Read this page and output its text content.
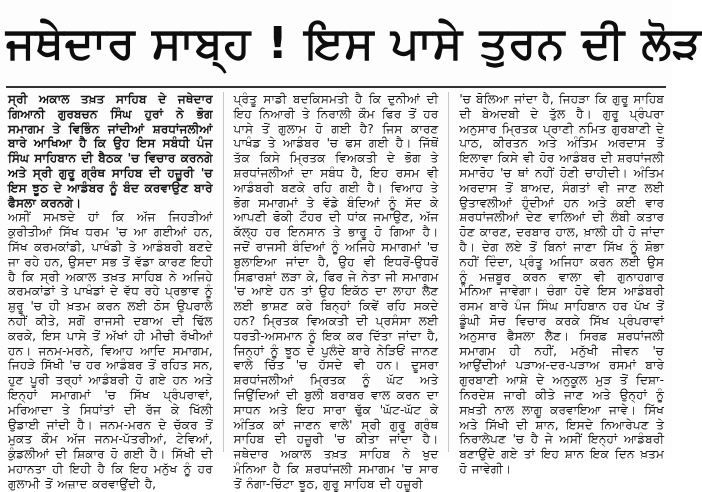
ਜਥੇਦਾਰ ਸਾਬ੍ਹ ! ਇਸ ਪਾਸੇ ਤੁਰਨ ਦੀ ਲੋੜ

ਸ੍ਰੀ ਅਕਾਲ ਤਖ਼ਤ ਸਾਹਿਬ ਦੇ ਜਥੇਦਾਰ ਗਿਆਨੀ ਗੁਰਬਚਨ ਸਿੰਘ ਹੁਰਾਂ ਨੇ ਭੋਗ ਸਮਾਗਮ ਤੇ ਵਿਭਿੰਨ ਜਾਂਦੀਆਂ ਸ਼ਰਧਾਂਜਲੀਆਂ ਬਾਰੇ ਆਖਿਆ ਹੈ ਕਿ ਉਹ ਇਸ ਸਬੰਧੀ ਪੰਜ ਸਿੰਘ ਸਾਹਿਬਾਨ ਦੀ ਬੈਠਕ 'ਚ ਵਿਚਾਰ ਕਰਨਗੇ ਅਤੇ ਸ੍ਰੀ ਗੁਰੂ ਗ੍ਰੰਥ ਸਾਹਿਬ ਦੀ ਹਜ਼ੂਰੀ 'ਚ ਇਸ ਝੂਠ ਦੇ ਆਡੰਬਰ ਨੂੰ ਬੰਦ ਕਰਵਾਉਣ ਬਾਰੇ ਫੈਸਲਾ ਕਰਨਗੇ।

ਅਸੀਂ ਸਮਝਦੇ ਹਾਂ ਕਿ ਅੱਜ ਜਿਹੜੀਆਂ ਕੁਰੀਤੀਆਂ ਸਿੱਖ ਧਰਮ 'ਚ ਆ ਗਈਆਂ ਹਨ, ਸਿੱਖ ਕਰਮਕਾਂਡੀ, ਪਾਖੰਡੀ ਤੇ ਆਡੰਬਰੀ ਬਣਦੇ ਜਾ ਰਹੇ ਹਨ, ਉਸਦਾ ਸਭ ਤੋਂ ਵੱਡਾ ਕਾਰਣ ਇਹੀ ਹੈ ਕਿ ਸ੍ਰੀ ਅਕਾਲ ਤਖ਼ਤ ਸਾਹਿਬ ਨੇ ਅਜਿਹੇ ਕਰਮਕਾਂਡਾਂ ਤੇ ਪਾਖੰਡਾਂ ਦੇ ਵੱਧ ਰਹੇ ਪ੍ਰਭਾਵ ਨੂੰ ਸ਼ੁਰੂ 'ਚ ਹੀ ਖ਼ਤਮ ਕਰਨ ਲਈ ਠੋਸ ਉਪਰਾਲੇ ਨਹੀਂ ਕੀਤੇ, ਸਗੋਂ ਰਾਜਸੀ ਦਬਾਅ ਦੀ ਢਿੱਲ ਕਰਕੇ, ਇਸ ਪਾਸੇ ਤੋਂ ਅੱਖਾਂ ਹੀ ਮੀਚੀ ਰੱਖੀਆਂ ਹਨ। ਜਨਮ-ਮਰਨੇ, ਵਿਆਹ ਆਦਿ ਸਮਾਗਮ, ਜਿਹੜੇ ਸਿੱਖੀ 'ਚ ਹਰ ਆਡੰਬਰ ਤੋਂ ਰਹਿਤ ਸਨ, ਹੁਣ ਪੂਰੀ ਤਰ੍ਹਾਂ ਆਡੰਬਰੀ ਹੋ ਗਏ ਹਨ ਅਤੇ ਇਨ੍ਹਾਂ ਸਮਾਗਮਾਂ 'ਚ ਸਿੱਖ ਪ੍ਰੰਪਰਾਵਾਂ, ਮਰਿਆਦਾ ਤੇ ਸਿਧਾਂਤਾਂ ਦੀ ਰੱਜ ਕੇ ਖਿੱਲੀ ਉਡਾਈ ਜਾਂਦੀ ਹੈ। ਜਨਮ-ਮਰਨ ਦੇ ਚੱਕਰ ਤੋਂ ਮੁਕਤ ਕੌਮ ਅੱਜ ਜਨਮ-ਪੱਤਰੀਆਂ, ਟੇਵਿਆਂ, ਕੁੰਡਲੀਆਂ ਦੀ ਸ਼ਿਕਾਰ ਹੋ ਗਈ ਹੈ। ਸਿੱਖੀ ਦੀ ਮਹਾਨਤਾ ਹੀ ਇਹੀ ਹੈ ਕਿ ਇਹ ਮਨੁੱਖ ਨੂੰ ਹਰ ਗੁਲਾਮੀ ਤੋਂ ਅਜ਼ਾਦ ਕਰਵਾਉਂਦੀ ਹੈ,

ਪ੍ਰੰਤੂ ਸਾਡੀ ਬਦਕਿਸਮਤੀ ਹੈ ਕਿ ਦੁਨੀਆਂ ਦੀ ਇਹ ਨਿਆਰੀ ਤੇ ਨਿਰਾਲੀ ਕੌਮ ਫਿਰ ਤੋਂ ਹਰ ਪਾਸੇ ਤੋਂ ਗੁਲਾਮ ਹੋ ਗਈ ਹੈ? ਜਿਸ ਕਾਰਣ ਪਾਖੰਡ ਤੇ ਆਡੰਬਰ 'ਚ ਫਸ ਗਈ ਹੈ। ਜਿੱਥੋਂ ਤੱਕ ਕਿਸੇ ਮ੍ਰਿਤਕ ਵਿਅਕਤੀ ਦੇ ਭੋਗ ਤੇ ਸ਼ਰਧਾਂਜਲੀਆਂ ਦਾ ਸਬੰਧ ਹੈ, ਇਹ ਰਸਮ ਵੀ ਆਡੰਬਰੀ ਬਣਕੇ ਰਹਿ ਗਈ ਹੈ। ਵਿਆਹ ਤੇ ਭੋਗ ਸਮਾਗਮਾਂ ਤੇ ਵੱਡੇ ਬੰਦਿਆਂ ਨੂੰ ਸੱਦ ਕੇ ਆਪਣੀ ਫੋਕੀ ਟੌਹਰ ਦੀ ਧਾਂਕ ਜਮਾਉਣ, ਅੱਜ ਕੱਲ੍ਹ ਹਰ ਇਨਸਾਨ ਤੇ ਭਾਰੂ ਹੋ ਗਿਆ ਹੈ। ਜਦੋਂ ਰਾਜਸੀ ਬੰਦਿਆਂ ਨੂੰ ਅਜਿਹੇ ਸਮਾਗਮਾਂ 'ਚ ਬੁਲਾਇਆ ਜਾਂਦਾ ਹੈ, ਉਹ ਵੀ ਇਧਰੋਂ-ਉਧਰੋਂ ਸਿਫ਼ਾਰਸ਼ਾਂ ਲੜਾ ਕੇ, ਫਿਰ ਜੇ ਨੇਤਾ ਜੀ ਸਮਾਗਮ 'ਚ ਆਏ ਹਨ ਤਾਂ ਉਹ ਇਕੱਠ ਦਾ ਲਾਹਾ ਲੈਣ ਲਈ ਭਾਸ਼ਣ ਕਰੇ ਬਿਨ੍ਹਾਂ ਕਿਵੇਂ ਰਹਿ ਸਕਦੇ ਹਨ? ਮ੍ਰਿਤਕ ਵਿਅਕਤੀ ਦੀ ਪ੍ਰਸੰਸਾ ਲਈ ਧਰਤੀ-ਅਸਮਾਨ ਨੂੰ ਇਕ ਕਰ ਦਿੱਤਾ ਜਾਂਦਾ ਹੈ, ਜਿਨ੍ਹਾਂ ਨੂੰ ਝੂਠ ਦੇ ਪੁਲੰਦੇ ਬਾਰੇ ਨੇੜਿਓਂ ਜਾਨਣ ਵਾਲੇ ਚਿੱਤ 'ਚ ਹੱਸਦੇ ਵੀ ਹਨ। ਦੂਸਰਾ ਸ਼ਰਧਾਂਜਲੀਆਂ ਮ੍ਰਿਤਕ ਨੂੰ ਘੱਟ ਅਤੇ ਜਿਉਂਦਿਆਂ ਦੀ ਬੁਲੀ ਬਰਾਬਰ ਵਾਲ ਕਰਨ ਦਾ ਸਾਧਨ ਅਤੇ ਇਹ ਸਾਰਾ ਢੁੱਕ 'ਘੱਟ-ਘੱਟ ਕੇ ਅੰਤਿਕ ਕਾਂ ਜਾਣਨ ਵਾਲੇ' ਸ੍ਰੀ ਗੁਰੂ ਗ੍ਰੰਥ ਸਾਹਿਬ ਦੀ ਹਜ਼ੂਰੀ 'ਚ ਕੀਤਾ ਜਾਂਦਾ ਹੈ। ਜਥੇਦਾਰ ਅਕਾਲ ਤਖ਼ਤ ਸਾਹਿਬ ਨੇ ਖੁਦ ਮੰਨਿਆ ਹੈ ਕਿ ਸ਼ਰਧਾਂਜਲੀ ਸਮਾਗਮ 'ਚ ਸਾਰ ਤੋਂ ਨੰਗਾ-ਚਿੱਟਾ ਝੂਠ, ਗੁਰੂ ਸਾਹਿਬ ਦੀ ਹਜ਼ੂਰੀ

'ਚ ਬੋਲਿਆ ਜਾਂਦਾ ਹੈ, ਜਿਹੜਾ ਕਿ ਗੁਰੂ ਸਾਹਿਬ ਦੀ ਬੇਅਦਬੀ ਦੇ ਤੁੱਲ ਹੈ। ਗੁਰੂ ਪ੍ਰੰਪਰਾ ਅਨੁਸਾਰ ਮ੍ਰਿਤਕ ਪ੍ਰਾਣੀ ਨਮਿਤ ਗੁਰਬਾਣੀ ਦੇ ਪਾਠ, ਕੀਰਤਨ ਅਤੇ ਅੰਤਿਮ ਅਰਦਾਸ ਤੋਂ ਇਲਾਵਾ ਕਿਸੇ ਵੀ ਹੋਰ ਆਡੰਬਰ ਦੀ ਸ਼ਰਧਾਂਜਲੀ ਸਮਾਰੋਹ 'ਚ ਥਾਂ ਨਹੀਂ ਹੋਣੀ ਚਾਹੀਦੀ। ਅੰਤਿਮ ਅਰਦਾਸ ਤੋਂ ਬਾਅਦ, ਸੰਗਤਾਂ ਵੀ ਜਾਣ ਲਈ ਉਤਾਵਲੀਆਂ ਹੁੰਦੀਆਂ ਹਨ ਅਤੇ ਕਈ ਵਾਰ ਸ਼ਰਧਾਂਜਲੀਆਂ ਦੇਣ ਵਾਲਿਆਂ ਦੀ ਲੰਬੀ ਕਤਾਰ ਹੋਣ ਕਾਰਣ, ਦਰਬਾਰ ਹਾਲ, ਖ਼ਾਲੀ ਹੀ ਹੋ ਜਾਂਦਾ ਹੈ। ਦੇਗ ਲਏ ਤੋਂ ਬਿਨਾਂ ਜਾਣਾ ਸਿੱਖ ਨੂੰ ਸ਼ੋਭਾ ਨਹੀਂ ਦਿੰਦਾ, ਪ੍ਰੰਤੂ ਅਜਿਹਾ ਕਰਨ ਲਈ ਉਸ ਨੂੰ ਮਜ਼ਬੂਰ ਕਰਨ ਵਾਲਾ ਵੀ ਗੁਨਾਹਗਾਰ ਮੰਨਿਆ ਜਾਵੇਗਾ। ਚੰਗਾ ਹੋਵੇ ਇਸ ਆਡੰਬਰੀ ਰਸਮ ਬਾਰੇ ਪੰਜ ਸਿੰਘ ਸਾਹਿਬਾਨ ਹਰ ਪੱਖ ਤੋਂ ਡੂੰਘੀ ਸੋਚ ਵਿਚਾਰ ਕਰਕੇ ਸਿੱਖ ਪ੍ਰੰਪਰਾਵਾਂ ਅਨੁਸਾਰ ਫੈਸਲਾ ਲੈਣ। ਸਿਰਫ਼ ਸ਼ਰਧਾਂਜਲੀ ਸਮਾਗਮ ਹੀ ਨਹੀਂ, ਮਨੁੱਖੀ ਜੀਵਨ 'ਚ ਆਉਂਦੀਆਂ ਪੜਾਅ-ਦਰ-ਪੜਾਅ ਰਸਮਾਂ ਬਾਰੇ ਗੁਰਬਾਣੀ ਆਸ਼ੇ ਦੇ ਅਨੁਕੂਲ ਮੁੜ ਤੋਂ ਦਿਸ਼ਾ-ਨਿਰਦੇਸ਼ ਜਾਰੀ ਕੀਤੇ ਜਾਣ ਅਤੇ ਉਨ੍ਹਾਂ ਨੂੰ ਸਖ਼ਤੀ ਨਾਲ ਲਾਗੂ ਕਰਵਾਇਆ ਜਾਵੇ। ਸਿੱਖ ਅਤੇ ਸਿੱਖੀ ਦੀ ਸ਼ਾਨ, ਇਸਦੇ ਨਿਆਰੇਪਣ ਤੇ ਨਿਰਾਲੇਪਣ 'ਚ ਹੈ ਜੇ ਅਸੀਂ ਇਨ੍ਹਾਂ ਆਡੰਬਰੀ ਬਣਾਉਂਦੇ ਗਏ ਤਾਂ ਇਹ ਸ਼ਾਨ ਇਕ ਦਿਨ ਖ਼ਤਮ ਹੋ ਜਾਵੇਗੀ।
